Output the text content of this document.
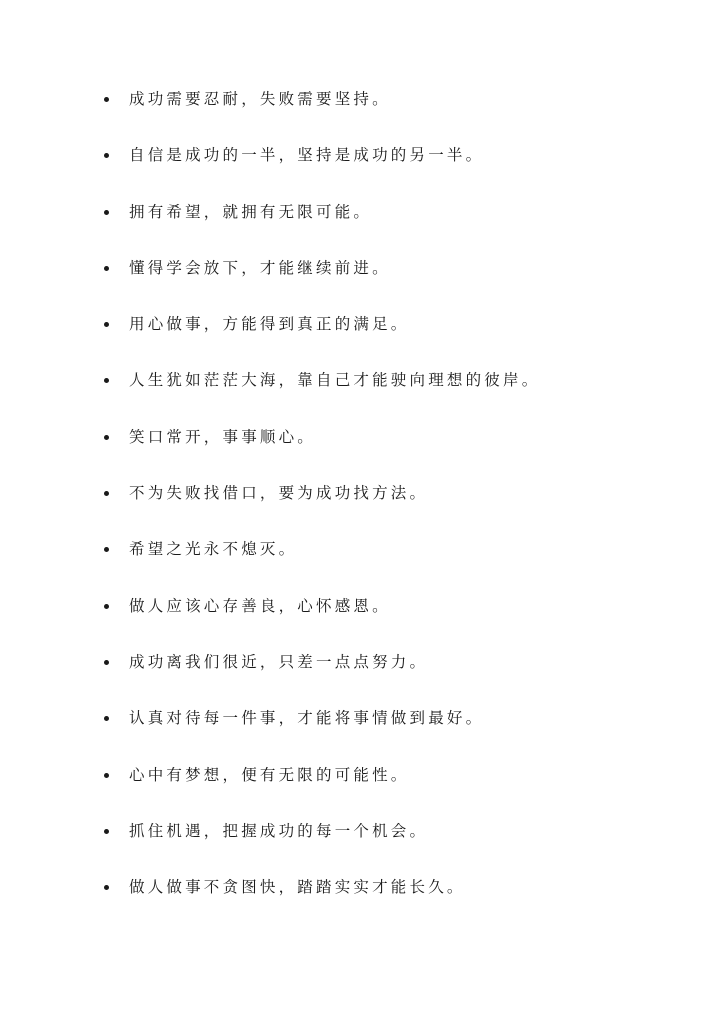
成功需要忍耐，失败需要坚持。
自信是成功的一半，坚持是成功的另一半。
拥有希望，就拥有无限可能。
懂得学会放下，才能继续前进。
用心做事，方能得到真正的满足。
人生犹如茫茫大海，靠自己才能驶向理想的彼岸。
笑口常开，事事顺心。
不为失败找借口，要为成功找方法。
希望之光永不熄灭。
做人应该心存善良，心怀感恩。
成功离我们很近，只差一点点努力。
认真对待每一件事，才能将事情做到最好。
心中有梦想，便有无限的可能性。
抓住机遇，把握成功的每一个机会。
做人做事不贪图快，踏踏实实才能长久。
